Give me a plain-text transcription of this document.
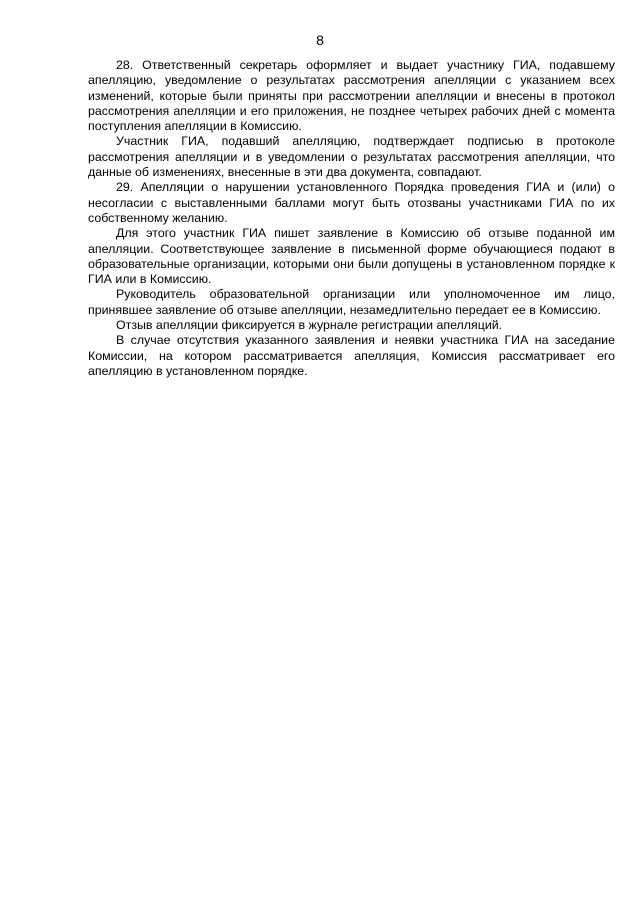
8

28. Ответственный секретарь оформляет и выдает участнику ГИА, подавшему апелляцию, уведомление о результатах рассмотрения апелляции с указанием всех изменений, которые были приняты при рассмотрении апелляции и внесены в протокол рассмотрения апелляции и его приложения, не позднее четырех рабочих дней с момента поступления апелляции в Комиссию.

Участник ГИА, подавший апелляцию, подтверждает подписью в протоколе рассмотрения апелляции и в уведомлении о результатах рассмотрения апелляции, что данные об изменениях, внесенные в эти два документа, совпадают.

29. Апелляции о нарушении установленного Порядка проведения ГИА и (или) о несогласии с выставленными баллами могут быть отозваны участниками ГИА по их собственному желанию.

Для этого участник ГИА пишет заявление в Комиссию об отзыве поданной им апелляции. Соответствующее заявление в письменной форме обучающиеся подают в образовательные организации, которыми они были допущены в установленном порядке к ГИА или в Комиссию.

Руководитель образовательной организации или уполномоченное им лицо, принявшее заявление об отзыве апелляции, незамедлительно передает ее в Комиссию.

Отзыв апелляции фиксируется в журнале регистрации апелляций.

В случае отсутствия указанного заявления и неявки участника ГИА на заседание Комиссии, на котором рассматривается апелляция, Комиссия рассматривает его апелляцию в установленном порядке.
